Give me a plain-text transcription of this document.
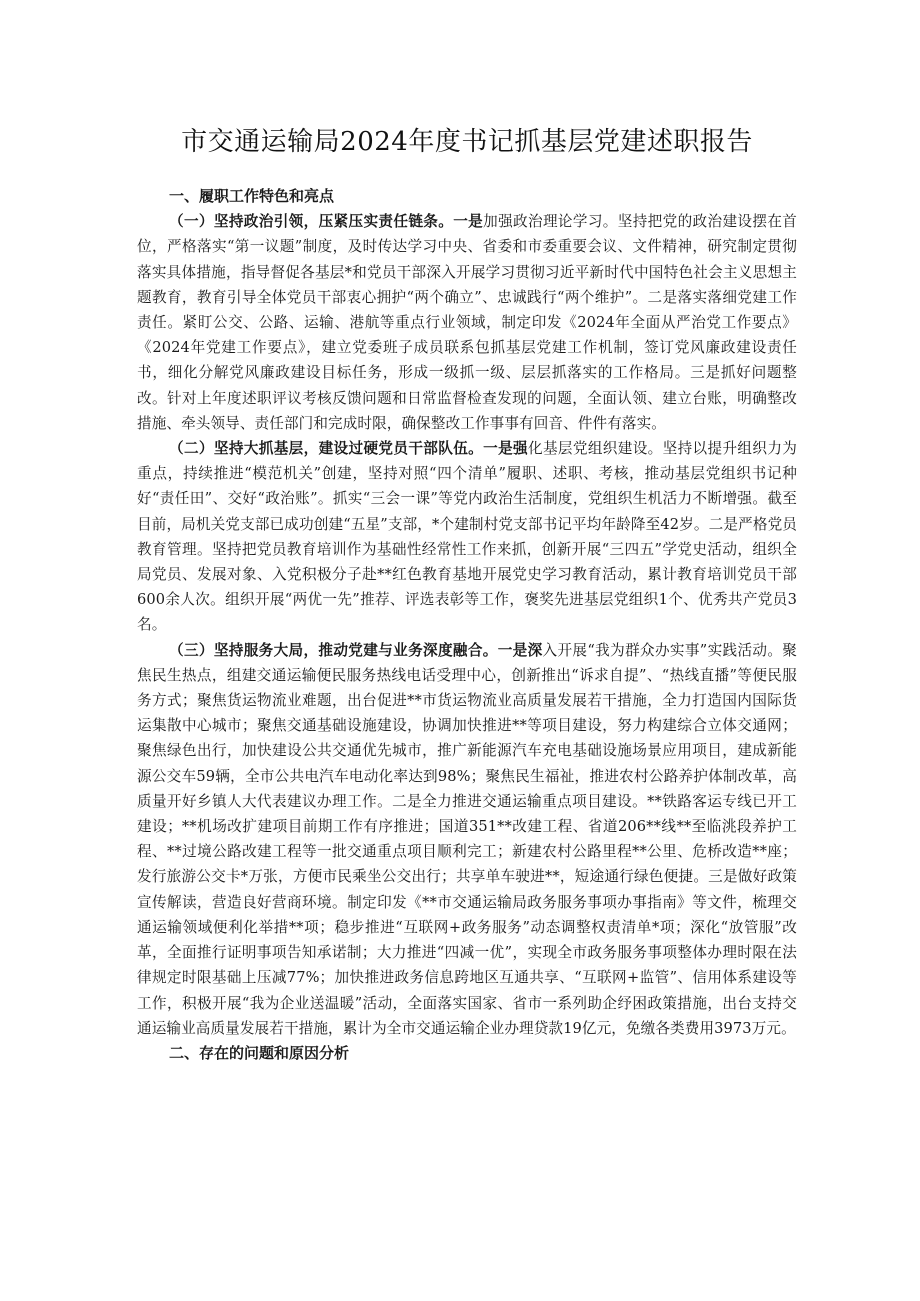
市交通运输局2024年度书记抓基层党建述职报告
一、履职工作特色和亮点

（一）坚持政治引领，压紧压实责任链条。一是加强政治理论学习。坚持把党的政治建设摆在首位，严格落实“第一议题”制度，及时传达学习中央、省委和市委重要会议、文件精神，研究制定贯彻落实具体措施，指导督促各基层*和党员干部深入开展学习贯彻习近平新时代中国特色社会主义思想主题教育，教育引导全体党员干部衷心拥护“两个确立”、忠诚践行“两个维护”。二是落实落细党建工作责任。紧盯公交、公路、运输、港航等重点行业领域，制定印发《2024年全面从严治党工作要点》《2024年党建工作要点》，建立党委班子成员联系包抓基层党建工作机制，签订党风廉政建设责任书，细化分解党风廉政建设目标任务，形成一级抓一级、层层抓落实的工作格局。三是抓好问题整改。针对上年度述职评议考核反馈问题和日常监督检查发现的问题，全面认领、建立台账，明确整改措施、牵头领导、责任部门和完成时限，确保整改工作事事有回音、件件有落实。

（二）坚持大抓基层，建设过硬党员干部队伍。一是强化基层党组织建设。坚持以提升组织力为重点，持续推进“模范机关”创建，坚持对照“四个清单”履职、述职、考核，推动基层党组织书记种好“责任田”、交好“政治账”。抓实“三会一课”等党内政治生活制度，党组织生机活力不断增强。截至目前，局机关党支部已成功创建“五星”支部，*个建制村党支部书记平均年龄降至42岁。二是严格党员教育管理。坚持把党员教育培训作为基础性经常性工作来抓，创新开展“三四五”学党史活动，组织全局党员、发展对象、入党积极分子赴**红色教育基地开展党史学习教育活动，累计教育培训党员干部600余人次。组织开展“两优一先”推荐、评选表彰等工作，褒奖先进基层党组织1个、优秀共产党员3名。

（三）坚持服务大局，推动党建与业务深度融合。一是深入开展“我为群众办实事”实践活动。聚焦民生热点，组建交通运输便民服务热线电话受理中心，创新推出“诉求自提”、“热线直播”等便民服务方式；聚焦货运物流业难题，出台促进**市货运物流业高质量发展若干措施，全力打造国内国际货运集散中心城市；聚焦交通基础设施建设，协调加快推进**等项目建设，努力构建综合立体交通网；聚焦绿色出行，加快建设公共交通优先城市，推广新能源汽车充电基础设施场景应用项目，建成新能源公交车59辆，全市公共电汽车电动化率达到98%；聚焦民生福祉，推进农村公路养护体制改革，高质量开好乡镇人大代表建议办理工作。二是全力推进交通运输重点项目建设。**铁路客运专线已开工建设；**机场改扩建项目前期工作有序推进；国道351**改建工程、省道206**线**至临洮段养护工程、**过境公路改建工程等一批交通重点项目顺利完工；新建农村公路里程**公里、危桥改造**座；发行旅游公交卡*万张，方便市民乘坐公交出行；共享单车驶进**，短途通行绿色便捷。三是做好政策宣传解读，营造良好营商环境。制定印发《**市交通运输局政务服务事项办事指南》等文件，梳理交通运输领域便利化举措**项；稳步推进“互联网+政务服务”动态调整权责清单*项；深化“放管服”改革，全面推行证明事项告知承诺制；大力推进“四减一优”，实现全市政务服务事项整体办理时限在法律规定时限基础上压减77%；加快推进政务信息跨地区互通共享、“互联网+监管”、信用体系建设等工作，积极开展“我为企业送温暖”活动，全面落实国家、省市一系列助企纾困政策措施，出台支持交通运输业高质量发展若干措施，累计为全市交通运输企业办理贷款19亿元，免缴各类费用3973万元。

二、存在的问题和原因分析
